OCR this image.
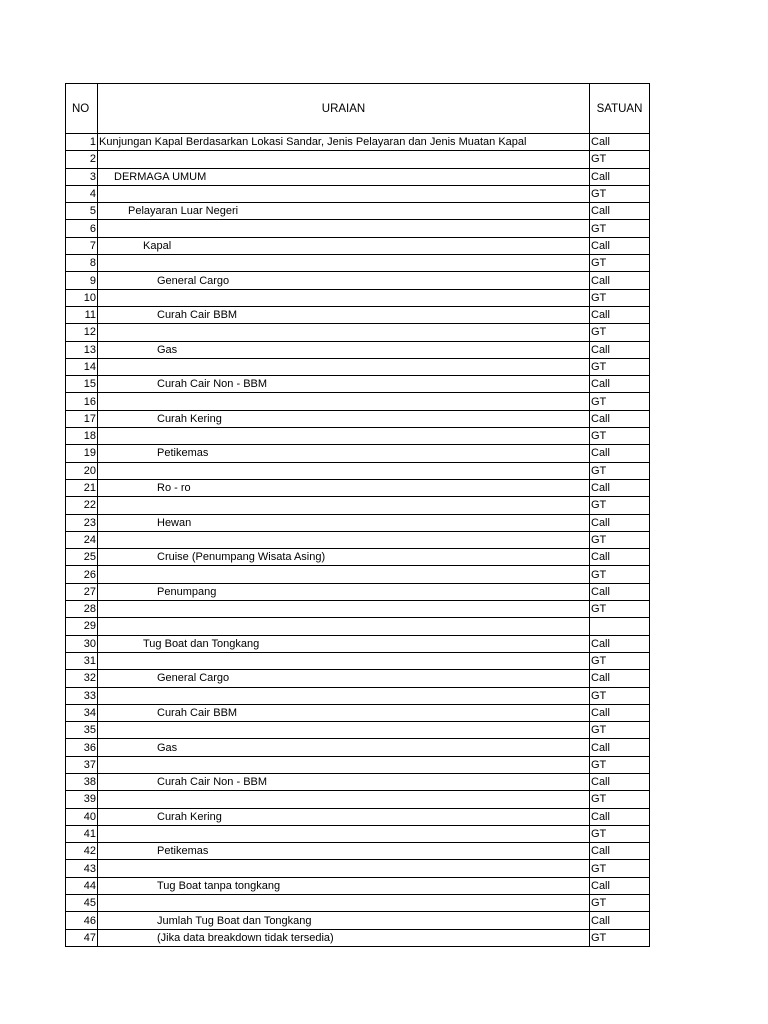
NO	URAIAN	SATUAN
1	Kunjungan Kapal Berdasarkan Lokasi Sandar, Jenis Pelayaran dan Jenis Muatan Kapal	Call
2		GT
3	DERMAGA UMUM	Call
4		GT
5	Pelayaran Luar Negeri	Call
6		GT
7	Kapal	Call
8		GT
9	General Cargo	Call
10		GT
11	Curah Cair BBM	Call
12		GT
13	Gas	Call
14		GT
15	Curah Cair Non - BBM	Call
16		GT
17	Curah Kering	Call
18		GT
19	Petikemas	Call
20		GT
21	Ro - ro	Call
22		GT
23	Hewan	Call
24		GT
25	Cruise (Penumpang Wisata Asing)	Call
26		GT
27	Penumpang	Call
28		GT
29		
30	Tug Boat dan Tongkang	Call
31		GT
32	General Cargo	Call
33		GT
34	Curah Cair BBM	Call
35		GT
36	Gas	Call
37		GT
38	Curah Cair Non - BBM	Call
39		GT
40	Curah Kering	Call
41		GT
42	Petikemas	Call
43		GT
44	Tug Boat tanpa tongkang	Call
45		GT
46	Jumlah Tug Boat dan Tongkang	Call
47	(Jika data breakdown tidak tersedia)	GT
